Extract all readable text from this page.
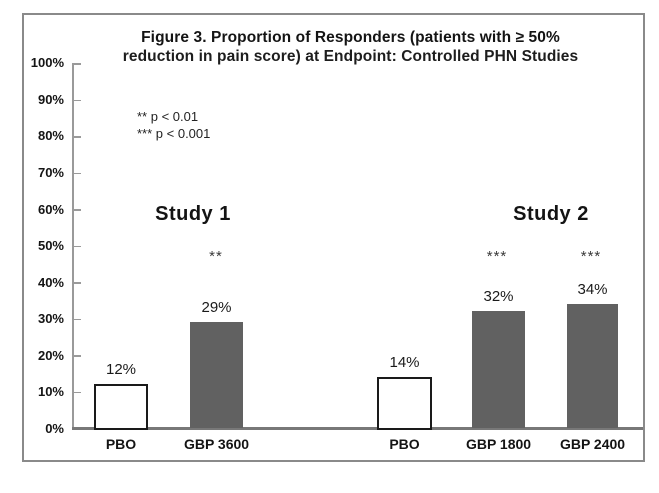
Figure 3. Proportion of Responders (patients with ≥ 50%
reduction in pain score) at Endpoint: Controlled PHN Studies
** p < 0.01
*** p < 0.001
Study 1	Study 2
100%
90%
80%
70%
60%
50%
40%
30%
20%
10%
0%
**	***	***
12%
PBO
29%
GBP 3600
14%
PBO
32%
GBP 1800
34%
GBP 2400
